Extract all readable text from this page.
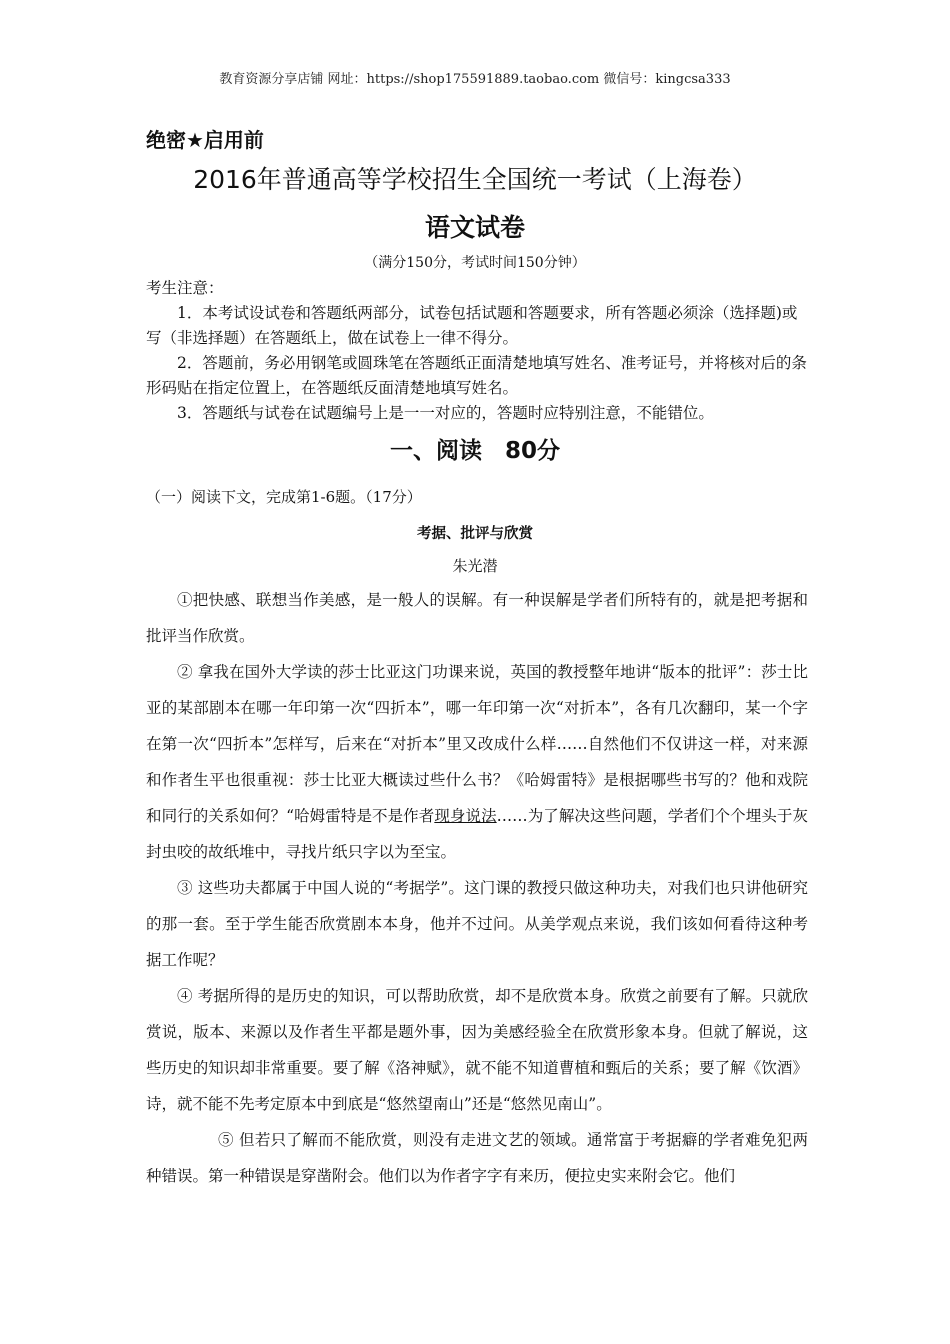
教育资源分享店铺 网址：https://shop175591889.taobao.com 微信号：kingcsa333
绝密★启用前
2016年普通高等学校招生全国统一考试（上海卷）
语文试卷
（满分150分，考试时间150分钟）

考生注意：

1．本考试设试卷和答题纸两部分，试卷包括试题和答题要求，所有答题必须涂（选择题)或写（非选择题）在答题纸上，做在试卷上一律不得分。

2．答题前，务必用钢笔或圆珠笔在答题纸正面清楚地填写姓名、准考证号，并将核对后的条形码贴在指定位置上，在答题纸反面清楚地填写姓名。

3．答题纸与试卷在试题编号上是一一对应的，答题时应特别注意，不能错位。

一、阅读　80分
（一）阅读下文，完成第1-6题。（17分）
考据、批评与欣赏
朱光潜

①把快感、联想当作美感，是一般人的误解。有一种误解是学者们所特有的，就是把考据和批评当作欣赏。

② 拿我在国外大学读的莎士比亚这门功课来说，英国的教授整年地讲“版本的批评”：莎士比亚的某部剧本在哪一年印第一次“四折本”，哪一年印第一次“对折本”，各有几次翻印，某一个字在第一次“四折本”怎样写，后来在“对折本”里又改成什么样……自然他们不仅讲这一样，对来源和作者生平也很重视：莎士比亚大概读过些什么书？《哈姆雷特》是根据哪些书写的？他和戏院和同行的关系如何？“哈姆雷特是不是作者现身说法……为了解决这些问题，学者们个个埋头于灰封虫咬的故纸堆中，寻找片纸只字以为至宝。

③ 这些功夫都属于中国人说的“考据学”。这门课的教授只做这种功夫，对我们也只讲他研究的那一套。至于学生能否欣赏剧本本身，他并不过问。从美学观点来说，我们该如何看待这种考据工作呢？

④ 考据所得的是历史的知识，可以帮助欣赏，却不是欣赏本身。欣赏之前要有了解。只就欣赏说，版本、来源以及作者生平都是题外事，因为美感经验全在欣赏形象本身。但就了解说，这些历史的知识却非常重要。要了解《洛神赋》，就不能不知道曹植和甄后的关系；要了解《饮酒》诗，就不能不先考定原本中到底是“悠然望南山”还是“悠然见南山”。

⑤ 但若只了解而不能欣赏，则没有走进文艺的领域。通常富于考据癖的学者难免犯两种错误。第一种错误是穿凿附会。他们以为作者字字有来历，便拉史实来附会它。他们
